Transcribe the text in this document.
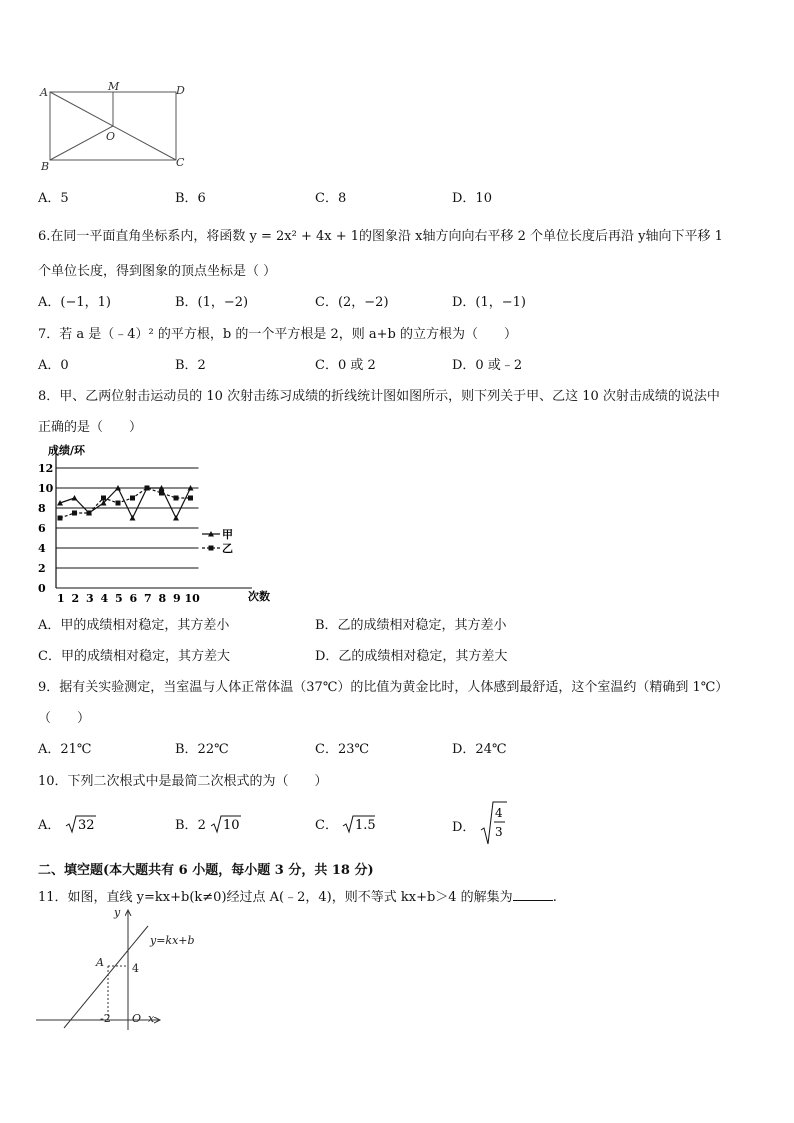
A	M	D
O
B	C
A．5	B．6	C．8	D．10
6.在同一平面直角坐标系内，将函数 y = 2x² + 4x + 1的图象沿 x轴方向向右平移 2 个单位长度后再沿 y轴向下平移 1
个单位长度，得到图象的顶点坐标是（ ）
A．(−1，1)	B．(1，−2)	C．(2，−2)	D．(1，−1)
7．若 a 是（﹣4）² 的平方根，b 的一个平方根是 2，则 a+b 的立方根为（　　）
A．0	B．2	C．0 或 2	D．0 或﹣2
8．甲、乙两位射击运动员的 10 次射击练习成绩的折线统计图如图所示，则下列关于甲、乙这 10 次射击成绩的说法中
正确的是（　　）
成绩/环
次数
0
2
4
6
8
10
12
1 2 3 4 5 6 7 8 9 10
甲
乙
A．甲的成绩相对稳定，其方差小	B．乙的成绩相对稳定，其方差小
C．甲的成绩相对稳定，其方差大	D．乙的成绩相对稳定，其方差大
9．据有关实验测定，当室温与人体正常体温（37℃）的比值为黄金比时，人体感到最舒适，这个室温约（精确到 1℃）
（　　）
A．21℃	B．22℃	C．23℃	D．24℃
10．下列二次根式中是最简二次根式的为（　　）
A． 32	B．2 10	C． 1.5	D．
4
3
二、填空题(本大题共有 6 小题，每小题 3 分，共 18 分)
11．如图，直线 y=kx+b(k≠0)经过点 A(﹣2，4)，则不等式 kx+b＞4 的解集为	.
y
x
O
y=kx+b
A	4
-2
